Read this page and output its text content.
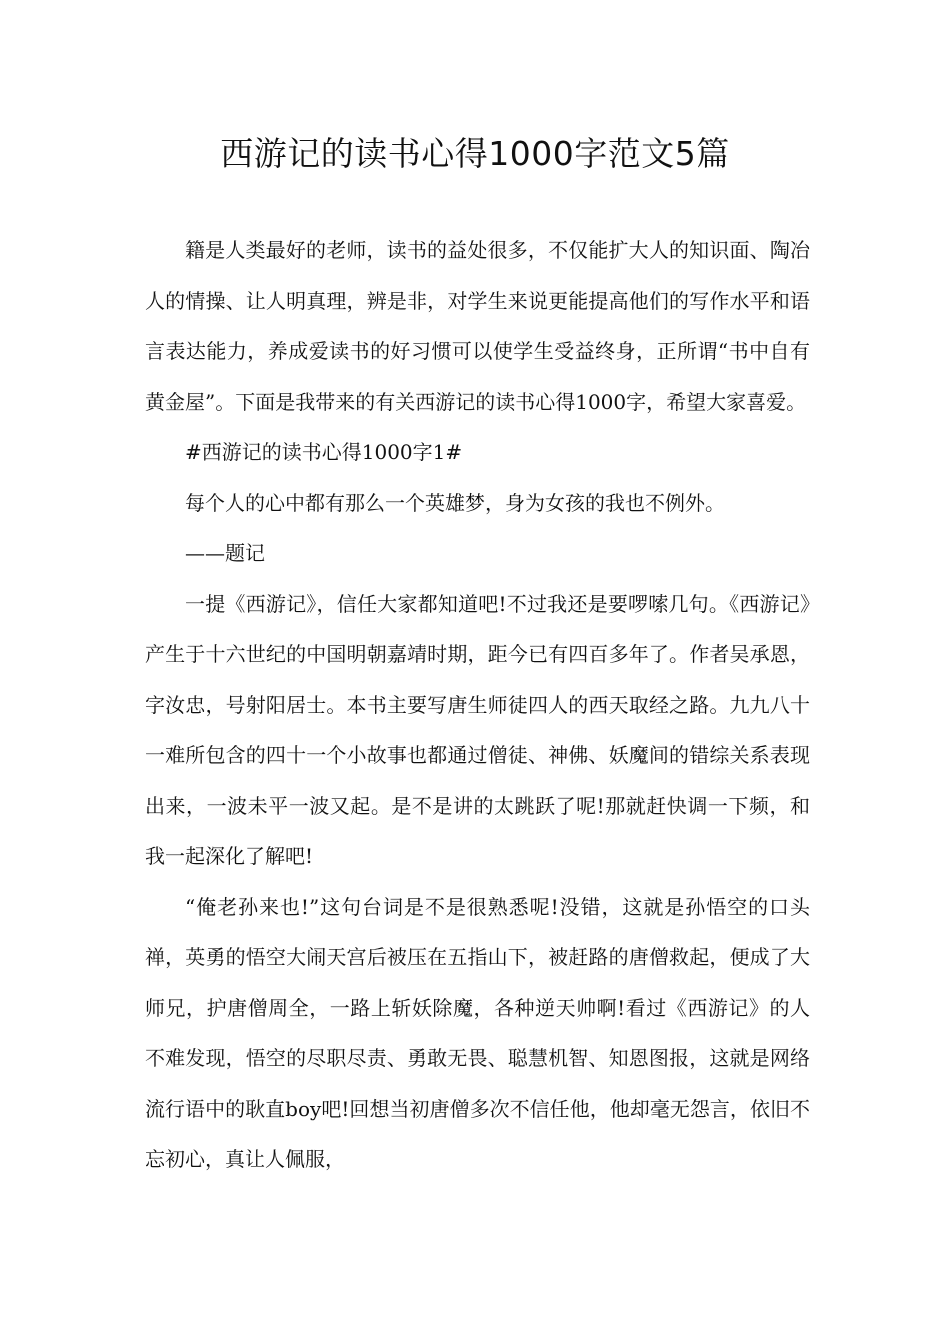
西游记的读书心得1000字范文5篇

籍是人类最好的老师，读书的益处很多，不仅能扩大人的知识面、陶冶人的情操、让人明真理，辨是非，对学生来说更能提高他们的写作水平和语言表达能力，养成爱读书的好习惯可以使学生受益终身，正所谓“书中自有黄金屋”。下面是我带来的有关西游记的读书心得1000字，希望大家喜爱。

#西游记的读书心得1000字1#

每个人的心中都有那么一个英雄梦，身为女孩的我也不例外。

——题记

一提《西游记》，信任大家都知道吧!不过我还是要啰嗦几句。《西游记》产生于十六世纪的中国明朝嘉靖时期，距今已有四百多年了。作者吴承恩，字汝忠，号射阳居士。本书主要写唐生师徒四人的西天取经之路。九九八十一难所包含的四十一个小故事也都通过僧徒、神佛、妖魔间的错综关系表现出来，一波未平一波又起。是不是讲的太跳跃了呢!那就赶快调一下频，和我一起深化了解吧!

“俺老孙来也!”这句台词是不是很熟悉呢!没错，这就是孙悟空的口头禅，英勇的悟空大闹天宫后被压在五指山下，被赶路的唐僧救起，便成了大师兄，护唐僧周全，一路上斩妖除魔，各种逆天帅啊!看过《西游记》的人不难发现，悟空的尽职尽责、勇敢无畏、聪慧机智、知恩图报，这就是网络流行语中的耿直boy吧!回想当初唐僧多次不信任他，他却毫无怨言，依旧不忘初心，真让人佩服，
